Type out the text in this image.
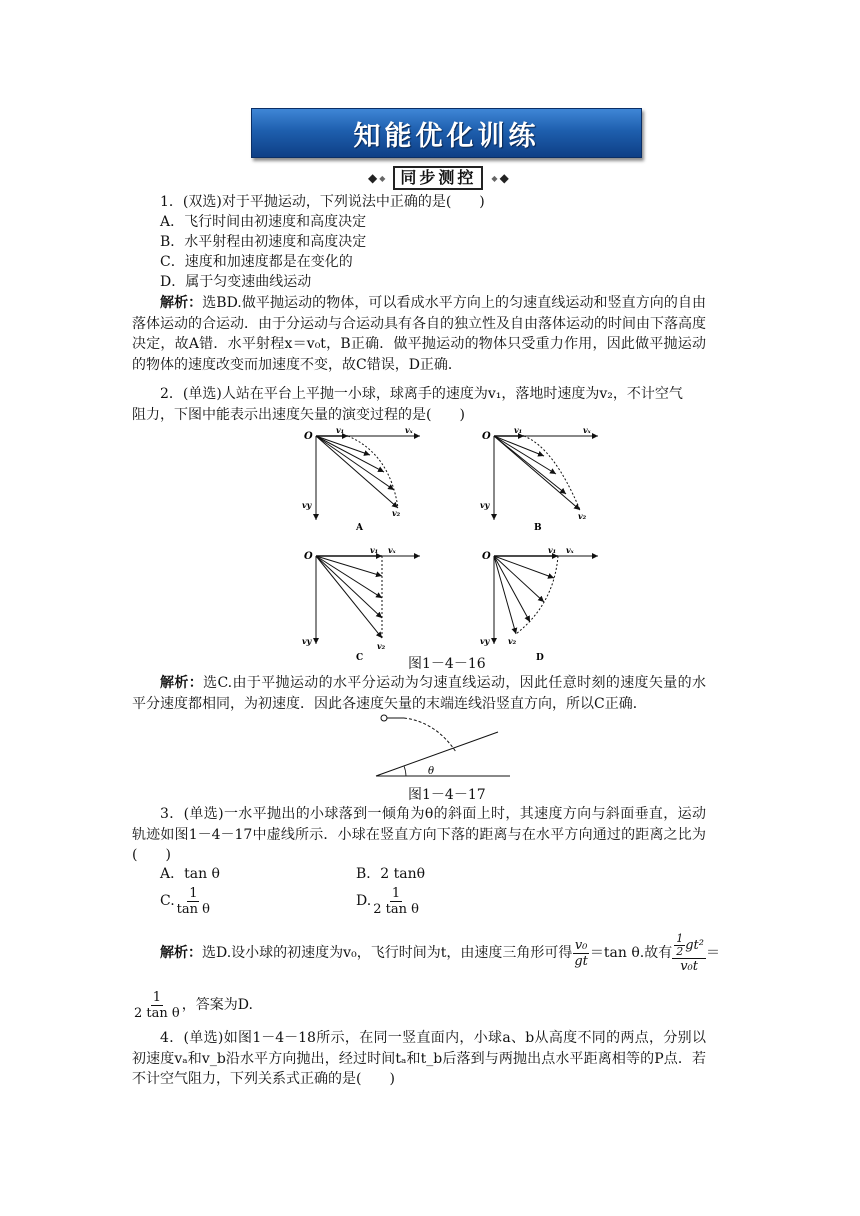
知能优化训练
◆ ◆ 同步测控	◆ ◆
1．(双选)对于平抛运动，下列说法中正确的是(　　)
A．飞行时间由初速度和高度决定
B．水平射程由初速度和高度决定
C．速度和加速度都是在变化的
D．属于匀变速曲线运动
解析：选BD.做平抛运动的物体，可以看成水平方向上的匀速直线运动和竖直方向的自由落体运动的合运动．由于分运动与合运动具有各自的独立性及自由落体运动的时间由下落高度决定，故A错．水平射程x＝v₀t，B正确．做平抛运动的物体只受重力作用，因此做平抛运动的物体的速度改变而加速度不变，故C错误，D正确．
2．(单选)人站在平台上平抛一小球，球离手的速度为v₁，落地时速度为v₂，不计空气
阻力，下图中能表示出速度矢量的演变过程的是(　　)
O
v₁	vₓ
vy
v₂
A
O
v₁	vₓ
vy
v₂
B
O
v₁ vₓ
vy	v₂
C
O
v₁ vₓ
vy v₂
D
图1－4－16
解析：选C.由于平抛运动的水平分运动为匀速直线运动，因此任意时刻的速度矢量的水平分速度都相同，为初速度．因此各速度矢量的末端连线沿竖直方向，所以C正确．
θ
图1－4－17
3．(单选)一水平抛出的小球落到一倾角为θ的斜面上时，其速度方向与斜面垂直，运动轨迹如图1－4－17中虚线所示．小球在竖直方向下落的距离与在水平方向通过的距离之比为(　　)
A．tan θ	B．2 tanθ
C. $\frac{1}{\text{tan θ}}$	D. $\frac{1}{\text{2 tan θ}}$
解析：选D.设小球的初速度为v₀，飞行时间为t，由速度三角形可得 $\frac{\text{v₀}}{gt} =\tan$ θ.故有 $\frac{\frac{1}{2} gt^2}{\text{v₀t}}$ ＝
$\frac{1}{\text{2 tan θ}}$ ，答案为D.
4．(单选)如图1－4－18所示，在同一竖直面内，小球a、b从高度不同的两点，分别以初速度vₐ和v_b沿水平方向抛出，经过时间tₐ和t_b后落到与两抛出点水平距离相等的P点．若不计空气阻力，下列关系式正确的是(　　)
